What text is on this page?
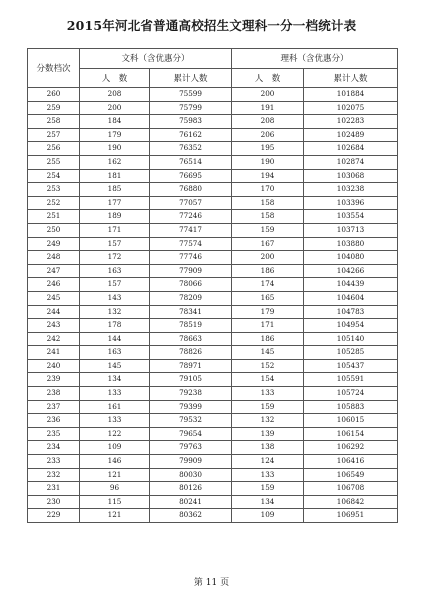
2015年河北省普通高校招生文理科一分一档统计表
分数档次	文科（含优惠分）		理科（含优惠分）	
	人　数	累计人数	人　数	累计人数
260	208	75599	200	101884
259	200	75799	191	102075
258	184	75983	208	102283
257	179	76162	206	102489
256	190	76352	195	102684
255	162	76514	190	102874
254	181	76695	194	103068
253	185	76880	170	103238
252	177	77057	158	103396
251	189	77246	158	103554
250	171	77417	159	103713
249	157	77574	167	103880
248	172	77746	200	104080
247	163	77909	186	104266
246	157	78066	174	104439
245	143	78209	165	104604
244	132	78341	179	104783
243	178	78519	171	104954
242	144	78663	186	105140
241	163	78826	145	105285
240	145	78971	152	105437
239	134	79105	154	105591
238	133	79238	133	105724
237	161	79399	159	105883
236	133	79532	132	106015
235	122	79654	139	106154
234	109	79763	138	106292
233	146	79909	124	106416
232	121	80030	133	106549
231	96	80126	159	106708
230	115	80241	134	106842
229	121	80362	109	106951
第 11 页
